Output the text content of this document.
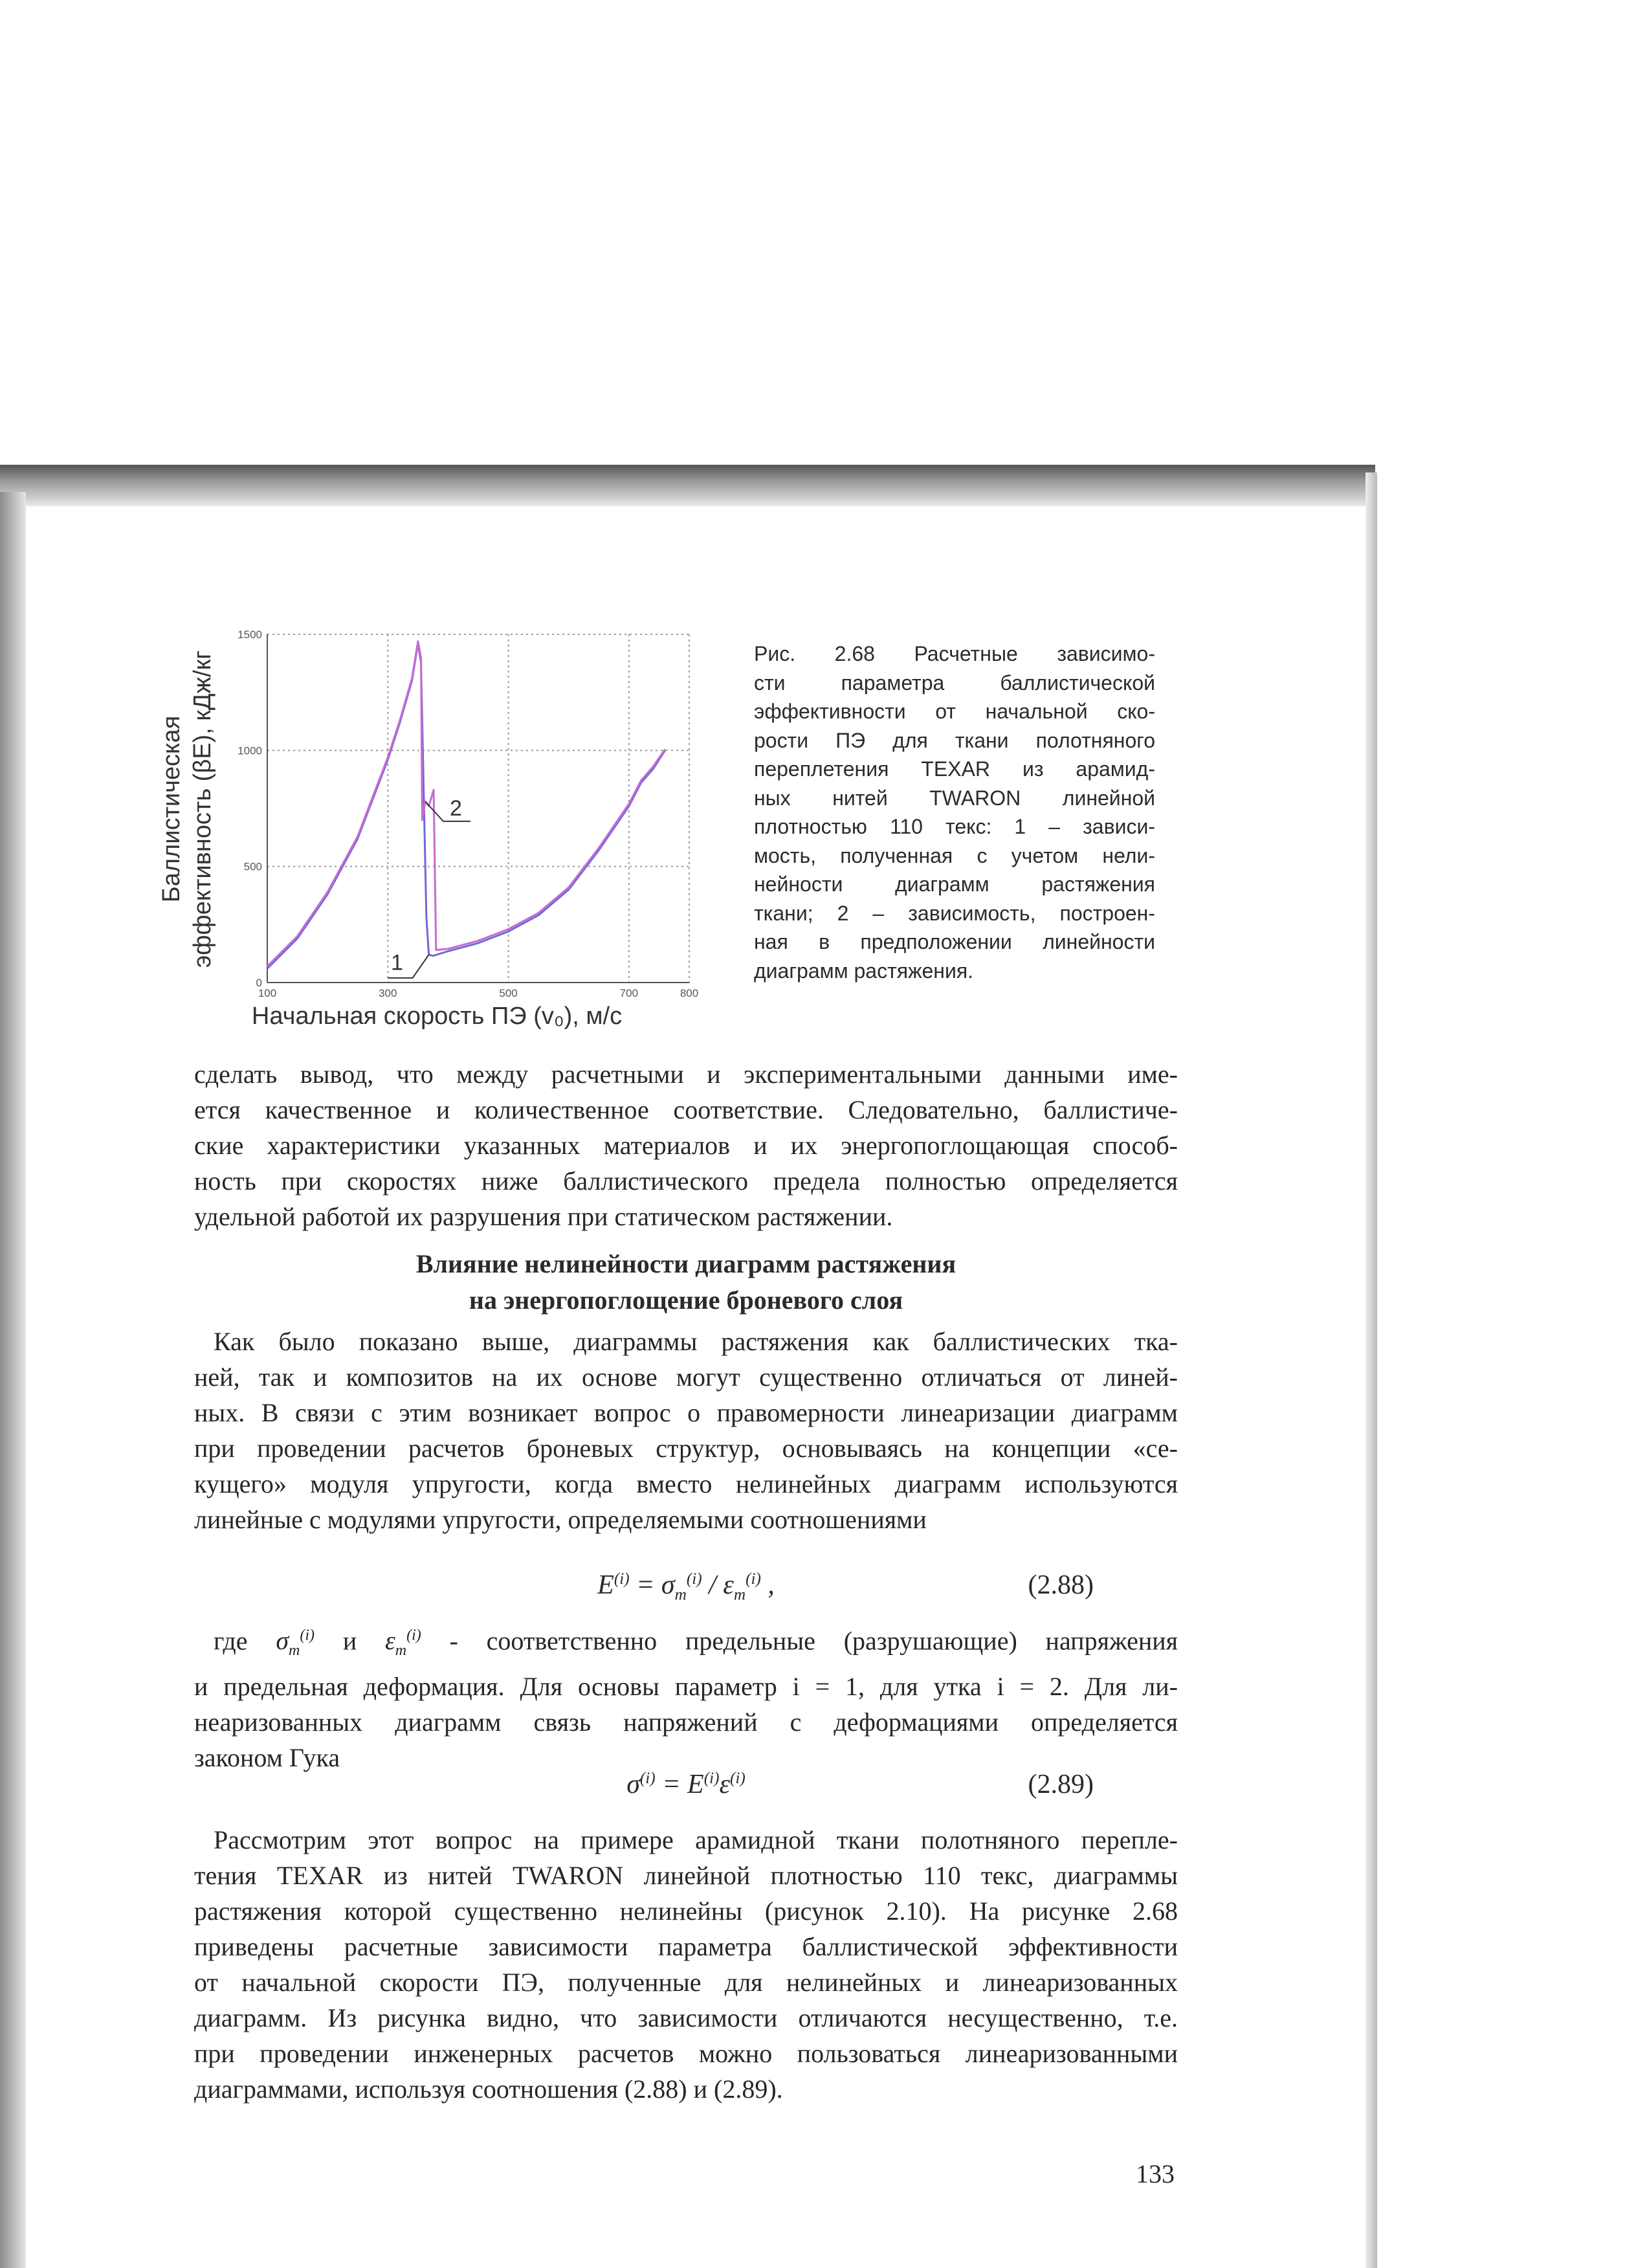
0
500
1000
1500
100	300	500	700	800
1
2
Баллистическая эффективность (βE), кДж/кг
Начальная скорость ПЭ (v₀), м/с
Рис. 2.68 Расчетные зависимо-
сти параметра баллистической
эффективности от начальной ско-
рости ПЭ для ткани полотняного
переплетения TEXAR из арамид-
ных нитей TWARON линейной
плотностью 110 текс: 1 – зависи-
мость, полученная с учетом нели-
нейности диаграмм растяжения
ткани; 2 – зависимость, построен-
ная в предположении линейности
диаграмм растяжения.
сделать вывод, что между расчетными и экспериментальными данными име-
ется качественное и количественное соответствие. Следовательно, баллистиче-
ские характеристики указанных материалов и их энергопоглощающая способ-
ность при скоростях ниже баллистического предела полностью определяется
удельной работой их разрушения при статическом растяжении.
Влияние нелинейности диаграмм растяжения
на энергопоглощение броневого слоя
Как было показано выше, диаграммы растяжения как баллистических тка-
ней, так и композитов на их основе могут существенно отличаться от линей-
ных. В связи с этим возникает вопрос о правомерности линеаризации диаграмм
при проведении расчетов броневых структур, основываясь на концепции «се-
кущего» модуля упругости, когда вместо нелинейных диаграмм используются
линейные с модулями упругости, определяемыми соотношениями
$E^{(i)} = \sigma_m^{(i)} / \varepsilon_m^{(i)}$ ,	(2.88)
где $\sigma_m^{(i)}$ и $\varepsilon_m^{(i)}$ - соответственно предельные (разрушающие) напряжения
и предельная деформация. Для основы параметр i = 1, для утка i = 2. Для ли-
неаризованных диаграмм связь напряжений с деформациями определяется
законом Гука
$\sigma^{(i)} = E^{(i)}\varepsilon^{(i)}$	(2.89)
Рассмотрим этот вопрос на примере арамидной ткани полотняного перепле-
тения TEXAR из нитей TWARON линейной плотностью 110 текс, диаграммы
растяжения которой существенно нелинейны (рисунок 2.10). На рисунке 2.68
приведены расчетные зависимости параметра баллистической эффективности
от начальной скорости ПЭ, полученные для нелинейных и линеаризованных
диаграмм. Из рисунка видно, что зависимости отличаются несущественно, т.е.
при проведении инженерных расчетов можно пользоваться линеаризованными
диаграммами, используя соотношения (2.88) и (2.89).
133
